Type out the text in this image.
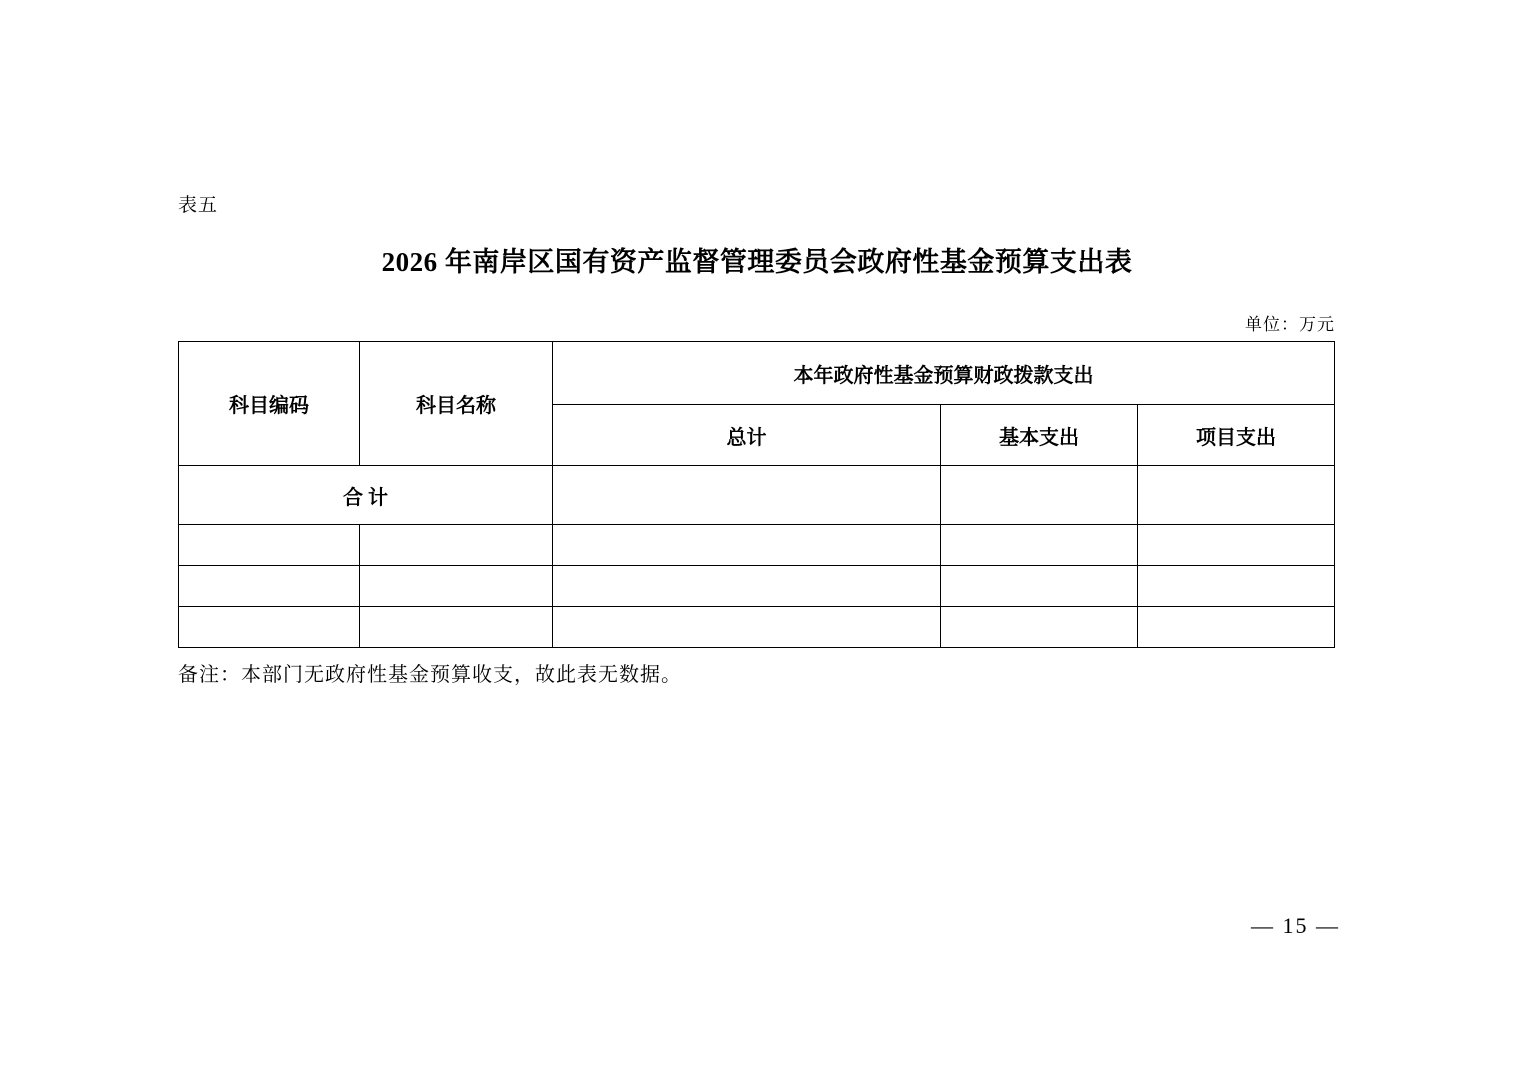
表五
2026 年南岸区国有资产监督管理委员会政府性基金预算支出表
单位：万元
科目编码	科目名称	本年政府性基金预算财政拨款支出		
		总计	基本支出	项目支出
合 计				

备注：本部门无政府性基金预算收支，故此表无数据。
— 15 —
